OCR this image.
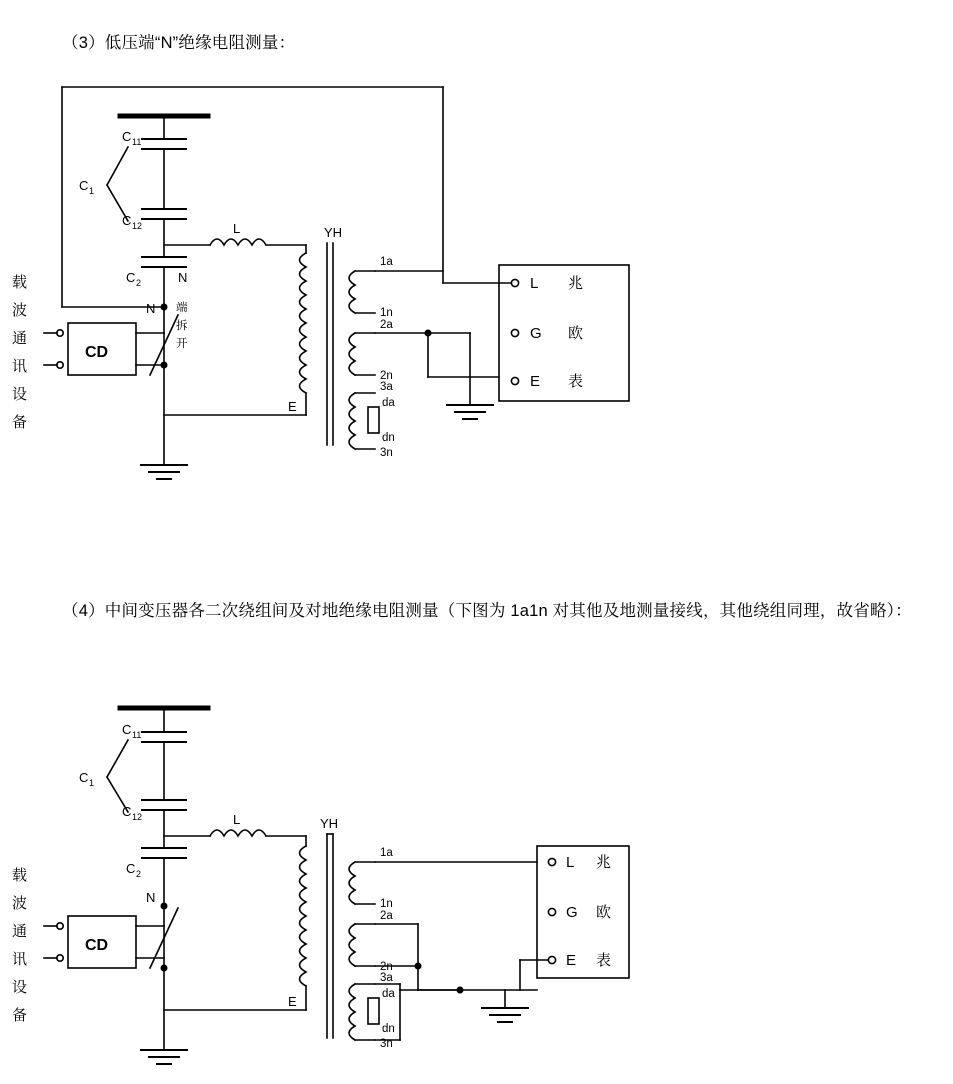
（3）低压端“N”绝缘电阻测量：
C 1
C 11
C 12
C 2	N
N 端
拆
开
L	YH
E
CD
载
波
通
讯
设
备
1a
1n
2a
2n
3a
da
dn
3n
L
G
E
兆
欧
表
（4）中间变压器各二次绕组间及对地绝缘电阻测量（下图为 1a1n 对其他及地测量接线，其他绕组同理，故省略）：
C 1
C 11
C 12
C 2
N
L	YH
E
CD
载
波
通
讯
设
备
1a
1n
2a
2n
3a
da
dn
3n
L
G
E
兆
欧
表
